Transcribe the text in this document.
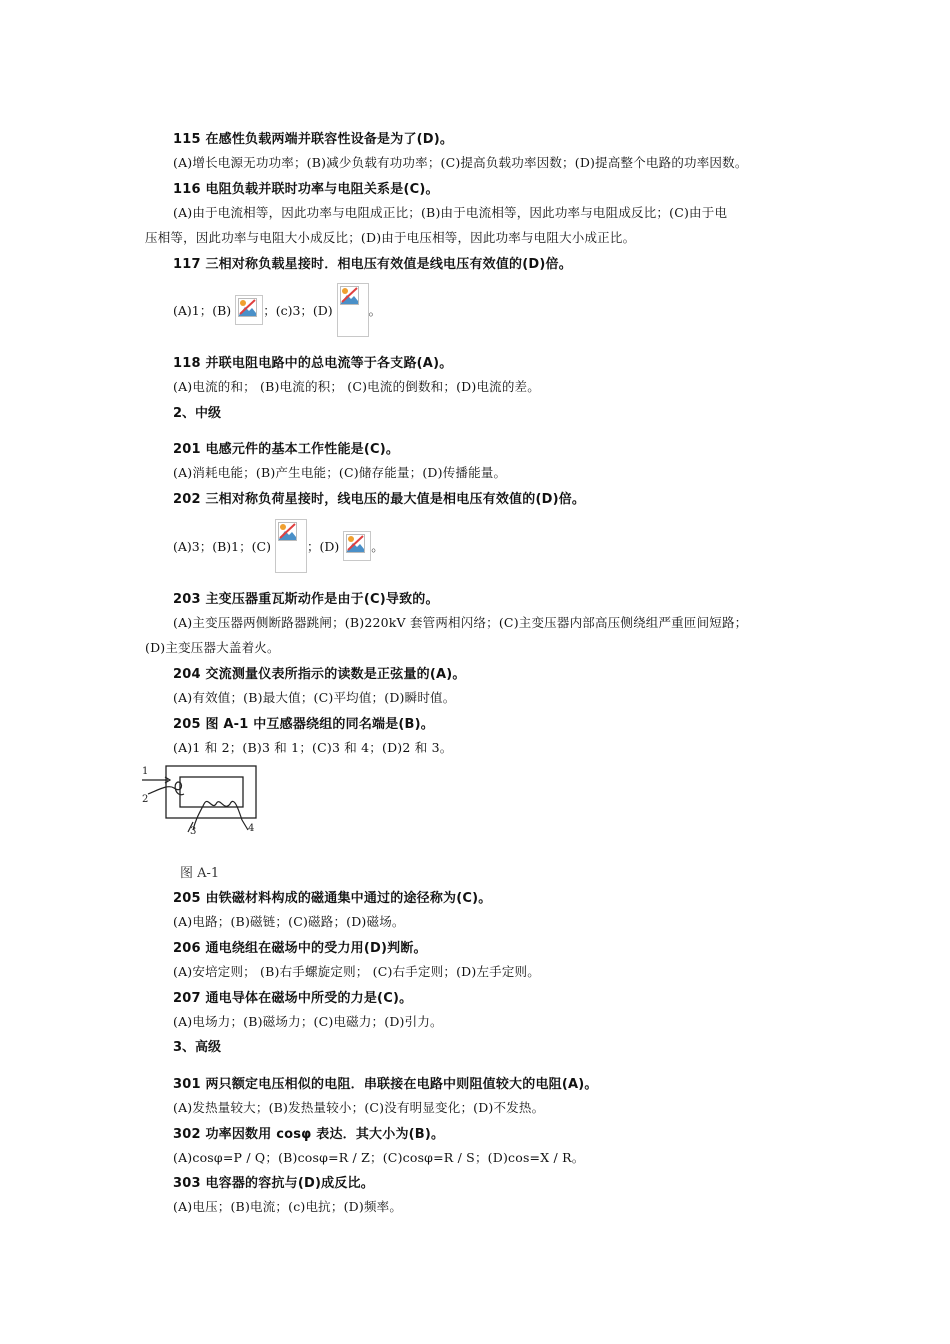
115 在感性负载两端并联容性设备是为了(D)。
(A)增长电源无功功率；(B)减少负载有功功率；(C)提高负载功率因数；(D)提高整个电路的功率因数。
116 电阻负载并联时功率与电阻关系是(C)。
(A)由于电流相等，因此功率与电阻成正比；(B)由于电流相等，因此功率与电阻成反比；(C)由于电
压相等，因此功率与电阻大小成反比；(D)由于电压相等，因此功率与电阻大小成正比。
117 三相对称负载星接时．相电压有效值是线电压有效值的(D)倍。
(A)1；(B)	；(c)3；(D)	。
118 并联电阻电路中的总电流等于各支路(A)。
(A)电流的和； (B)电流的积； (C)电流的倒数和；(D)电流的差。
2、中级
201 电感元件的基本工作性能是(C)。
(A)消耗电能；(B)产生电能；(C)储存能量；(D)传播能量。
202 三相对称负荷星接时，线电压的最大值是相电压有效值的(D)倍。
(A)3；(B)1；(C)	；(D)	。
203 主变压器重瓦斯动作是由于(C)导致的。
(A)主变压器两侧断路器跳闸；(B)220kV 套管两相闪络；(C)主变压器内部高压侧绕组严重匝间短路；
(D)主变压器大盖着火。
204 交流测量仪表所指示的读数是正弦量的(A)。
(A)有效值；(B)最大值；(C)平均值；(D)瞬时值。
205 图 A-1 中互感器绕组的同名端是(B)。
(A)1 和 2；(B)3 和 1；(C)3 和 4；(D)2 和 3。
1
2
3	4
图 A-1
205 由铁磁材料构成的磁通集中通过的途径称为(C)。
(A)电路；(B)磁链；(C)磁路；(D)磁场。
206 通电绕组在磁场中的受力用(D)判断。
(A)安培定则； (B)右手螺旋定则； (C)右手定则；(D)左手定则。
207 通电导体在磁场中所受的力是(C)。
(A)电场力；(B)磁场力；(C)电磁力；(D)引力。
3、高级
301 两只额定电压相似的电阻．串联接在电路中则阻值较大的电阻(A)。
(A)发热量较大；(B)发热量较小；(C)没有明显变化；(D)不发热。
302 功率因数用 cosφ 表达．其大小为(B)。
(A)cosφ=P / Q；(B)cosφ=R / Z；(C)cosφ=R / S；(D)cos=X / R。
303 电容器的容抗与(D)成反比。
(A)电压；(B)电流；(c)电抗；(D)频率。
